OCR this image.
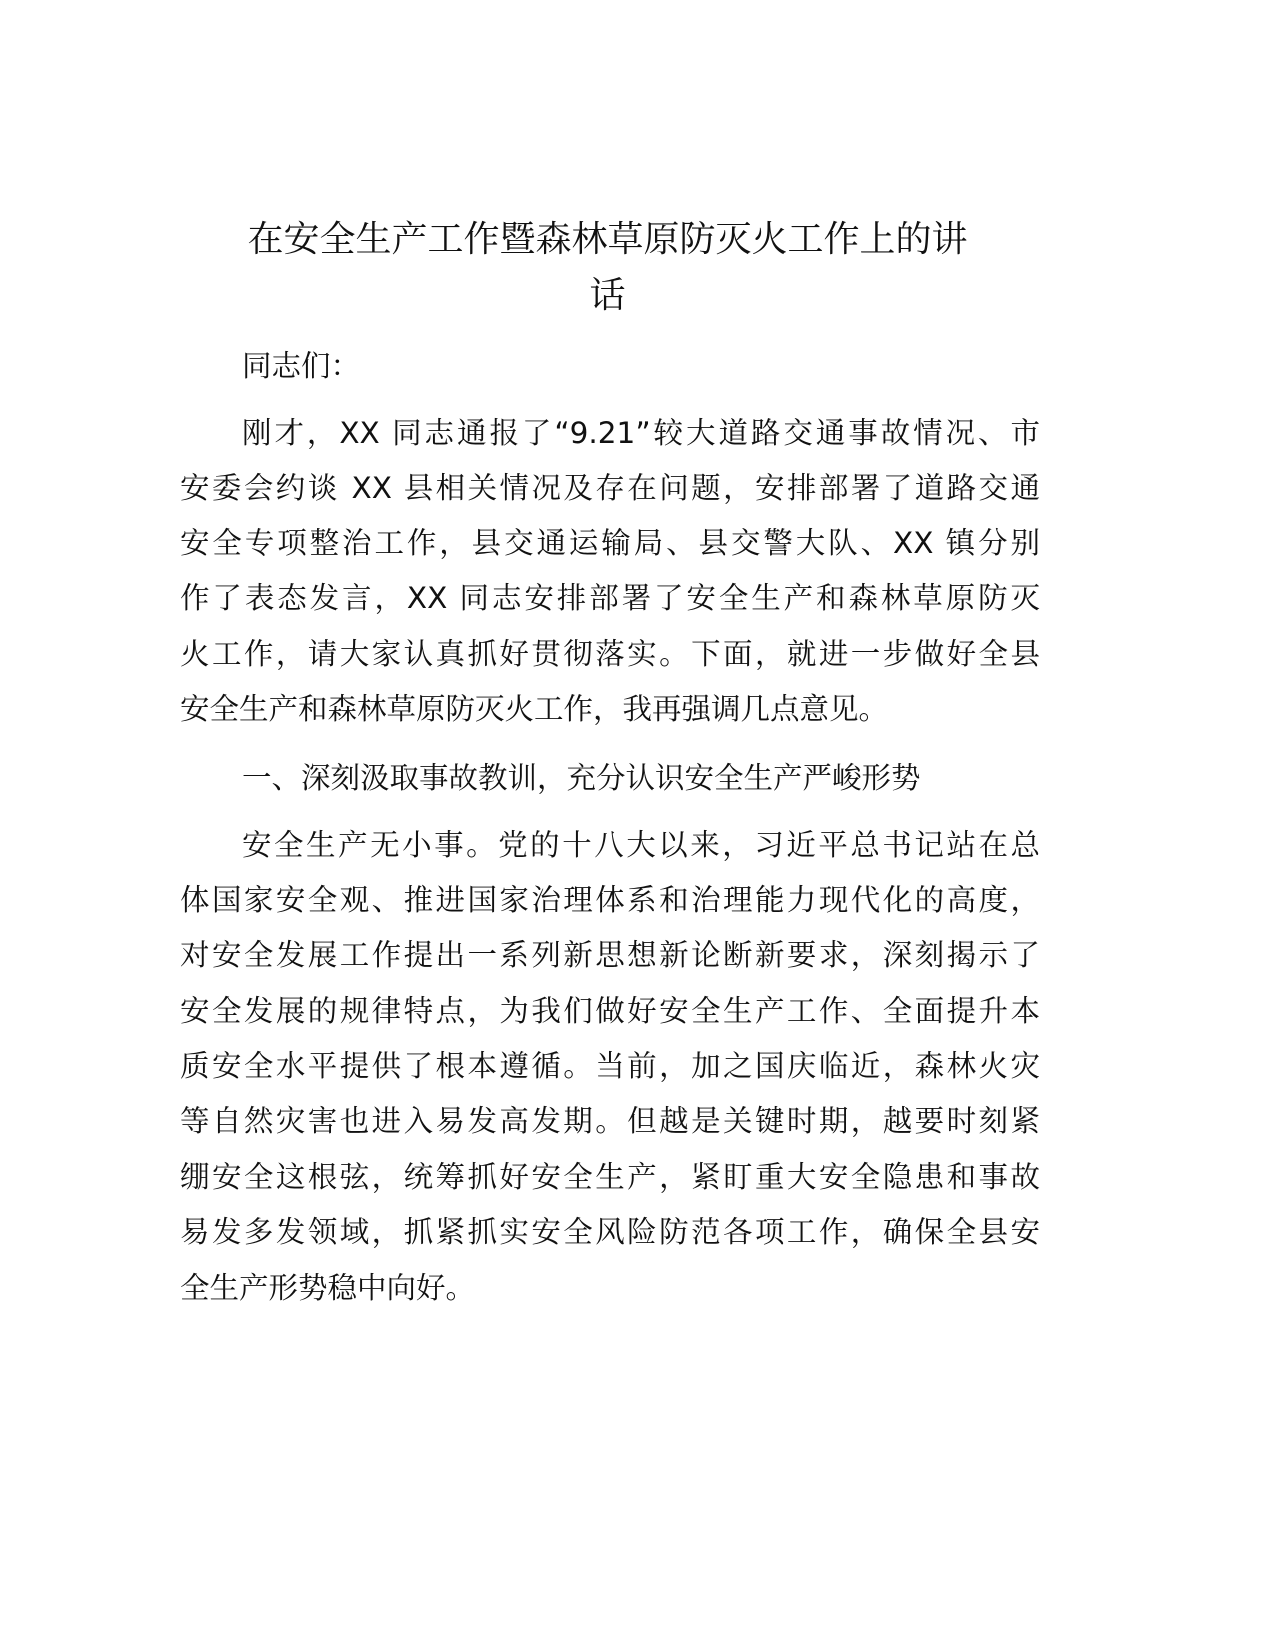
在安全生产工作暨森林草原防灭火工作上的讲
话
同志们：
刚才，XX 同志通报了“9.21”较大道路交通事故情况、市
安委会约谈 XX 县相关情况及存在问题，安排部署了道路交通
安全专项整治工作，县交通运输局、县交警大队、XX 镇分别
作了表态发言，XX 同志安排部署了安全生产和森林草原防灭
火工作，请大家认真抓好贯彻落实。下面，就进一步做好全县
安全生产和森林草原防灭火工作，我再强调几点意见。
一、深刻汲取事故教训，充分认识安全生产严峻形势
安全生产无小事。党的十八大以来，习近平总书记站在总
体国家安全观、推进国家治理体系和治理能力现代化的高度，
对安全发展工作提出一系列新思想新论断新要求，深刻揭示了
安全发展的规律特点，为我们做好安全生产工作、全面提升本
质安全水平提供了根本遵循。当前，加之国庆临近，森林火灾
等自然灾害也进入易发高发期。但越是关键时期，越要时刻紧
绷安全这根弦，统筹抓好安全生产，紧盯重大安全隐患和事故
易发多发领域，抓紧抓实安全风险防范各项工作，确保全县安
全生产形势稳中向好。
